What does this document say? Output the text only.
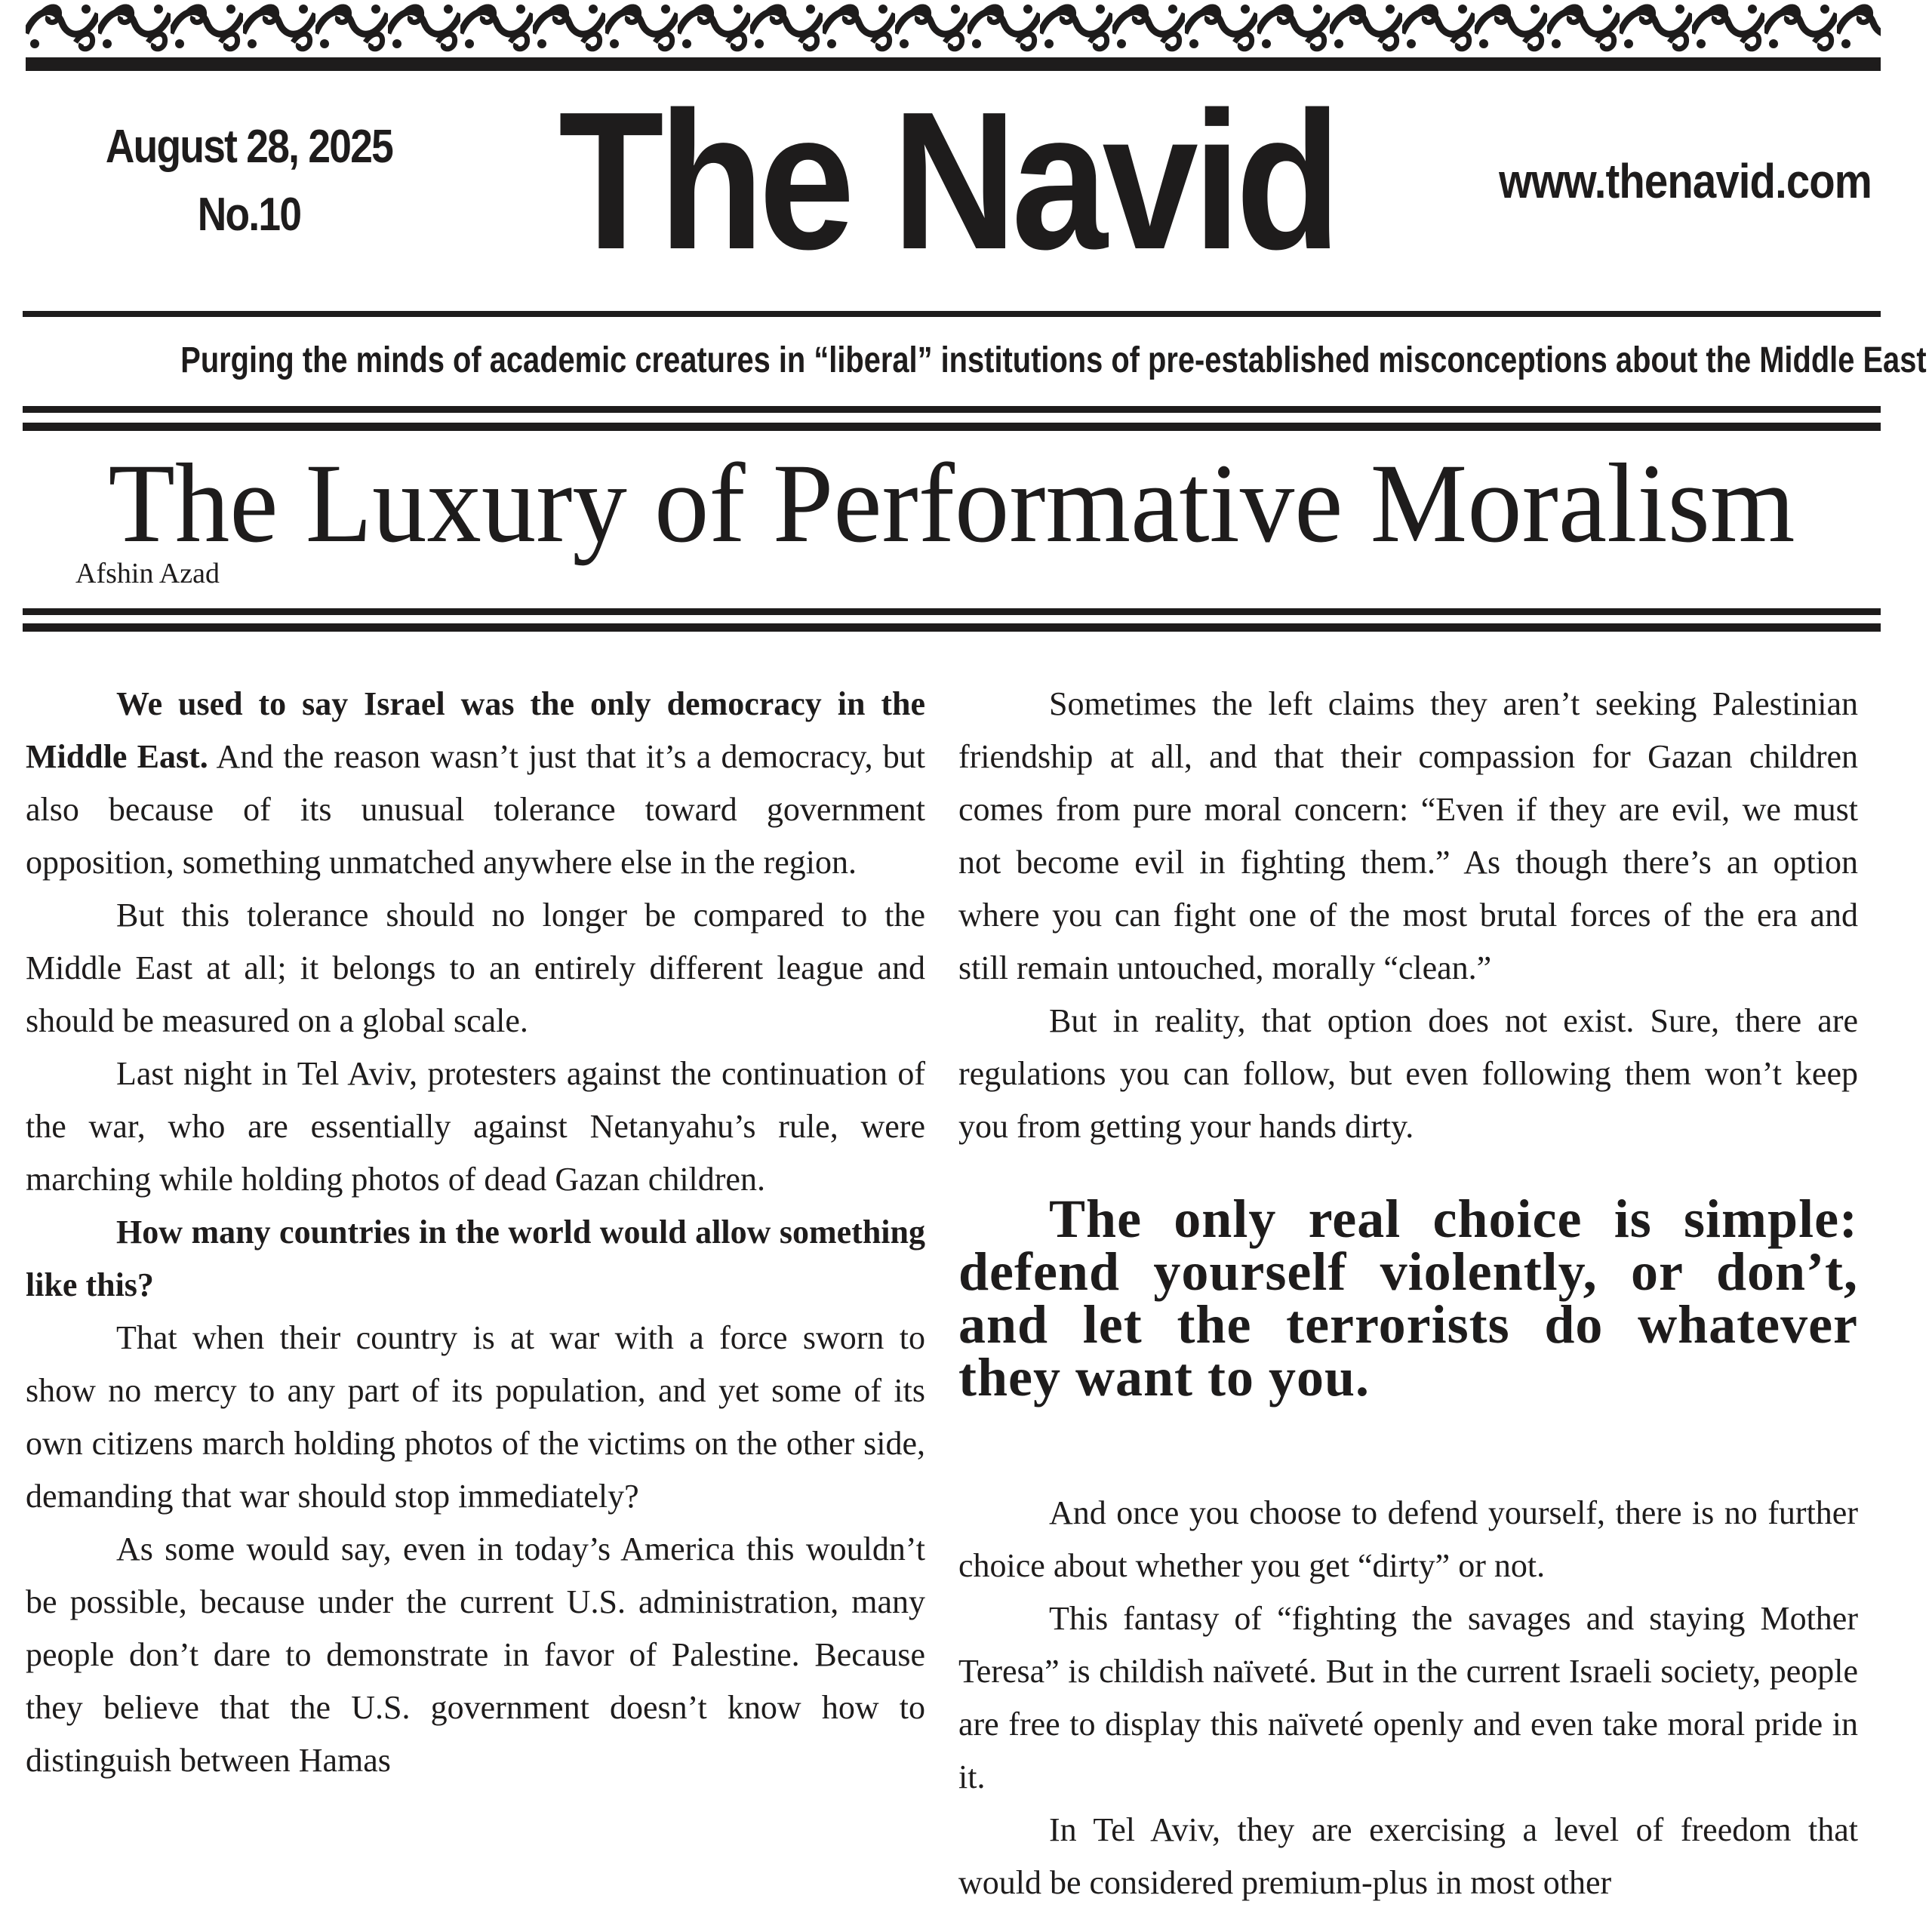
August 28, 2025
No.10	The Navid	www.thenavid.com
Purging the minds of academic creatures in “liberal” institutions of pre-established misconceptions about the Middle East
The Luxury of Performative Moralism
Afshin Azad

We used to say Israel was the only democracy in the Middle East. And the reason wasn’t just that it’s a democracy, but also because of its unusual tolerance toward government opposition, something unmatched anywhere else in the region.

But this tolerance should no longer be compared to the Middle East at all; it belongs to an entirely different league and should be measured on a global scale.

Last night in Tel Aviv, protesters against the continuation of the war, who are essentially against Netanyahu’s rule, were marching while holding photos of dead Gazan children.

How many countries in the world would allow something like this?

That when their country is at war with a force sworn to show no mercy to any part of its population, and yet some of its own citizens march holding photos of the victims on the other side, demanding that war should stop immediately?

As some would say, even in today’s America this wouldn’t be possible, because under the current U.S. administration, many people don’t dare to demonstrate in favor of Palestine. Because they believe that the U.S. government doesn’t know how to distinguish between Hamas

Sometimes the left claims they aren’t seeking Palestinian friendship at all, and that their compassion for Gazan children comes from pure moral concern: “Even if they are evil, we must not become evil in fighting them.” As though there’s an option where you can fight one of the most brutal forces of the era and still remain untouched, morally “clean.”

But in reality, that option does not exist. Sure, there are regulations you can follow, but even following them won’t keep you from getting your hands dirty.

The only real choice is simple: defend yourself violently, or don’t, and let the terrorists do whatever they want to you.

And once you choose to defend yourself, there is no further choice about whether you get “dirty” or not.

This fantasy of “fighting the savages and staying Mother Teresa” is childish naïveté. But in the current Israeli society, people are free to display this naïveté openly and even take moral pride in it.

In Tel Aviv, they are exercising a level of freedom that would be considered premium-plus in most other
